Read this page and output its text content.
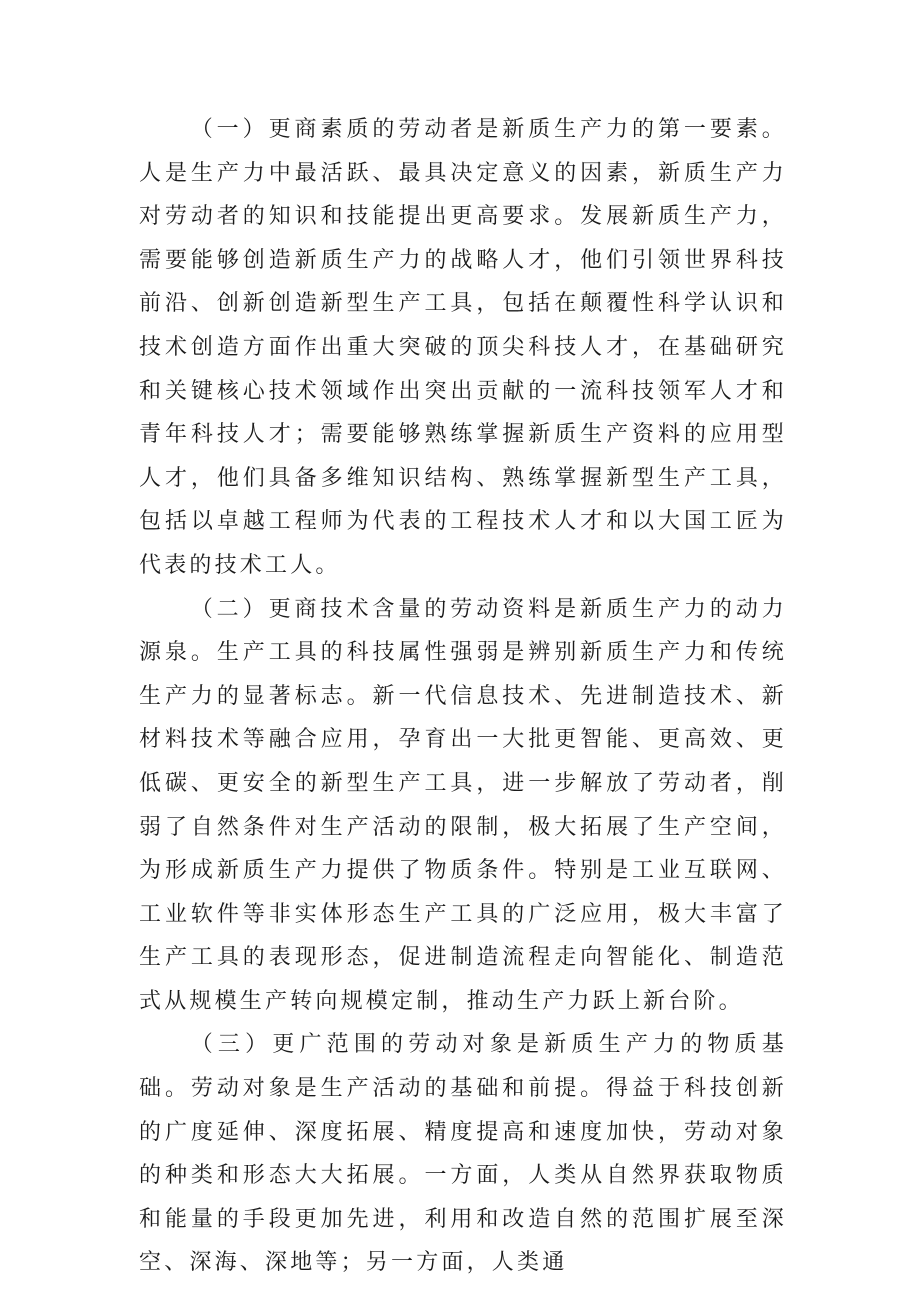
（一）更商素质的劳动者是新质生产力的第一要素。人是生产力中最活跃、最具决定意义的因素，新质生产力对劳动者的知识和技能提出更高要求。发展新质生产力，需要能够创造新质生产力的战略人才，他们引领世界科技前沿、创新创造新型生产工具，包括在颠覆性科学认识和技术创造方面作出重大突破的顶尖科技人才，在基础研究和关键核心技术领域作出突出贡献的一流科技领军人才和青年科技人才；需要能够熟练掌握新质生产资料的应用型人才，他们具备多维知识结构、熟练掌握新型生产工具，包括以卓越工程师为代表的工程技术人才和以大国工匠为代表的技术工人。

（二）更商技术含量的劳动资料是新质生产力的动力源泉。生产工具的科技属性强弱是辨别新质生产力和传统生产力的显著标志。新一代信息技术、先进制造技术、新材料技术等融合应用，孕育出一大批更智能、更高效、更低碳、更安全的新型生产工具，进一步解放了劳动者，削弱了自然条件对生产活动的限制，极大拓展了生产空间，为形成新质生产力提供了物质条件。特别是工业互联网、工业软件等非实体形态生产工具的广泛应用，极大丰富了生产工具的表现形态，促进制造流程走向智能化、制造范式从规模生产转向规模定制，推动生产力跃上新台阶。

（三）更广范围的劳动对象是新质生产力的物质基础。劳动对象是生产活动的基础和前提。得益于科技创新的广度延伸、深度拓展、精度提高和速度加快，劳动对象的种类和形态大大拓展。一方面，人类从自然界获取物质和能量的手段更加先进，利用和改造自然的范围扩展至深空、深海、深地等；另一方面，人类通
